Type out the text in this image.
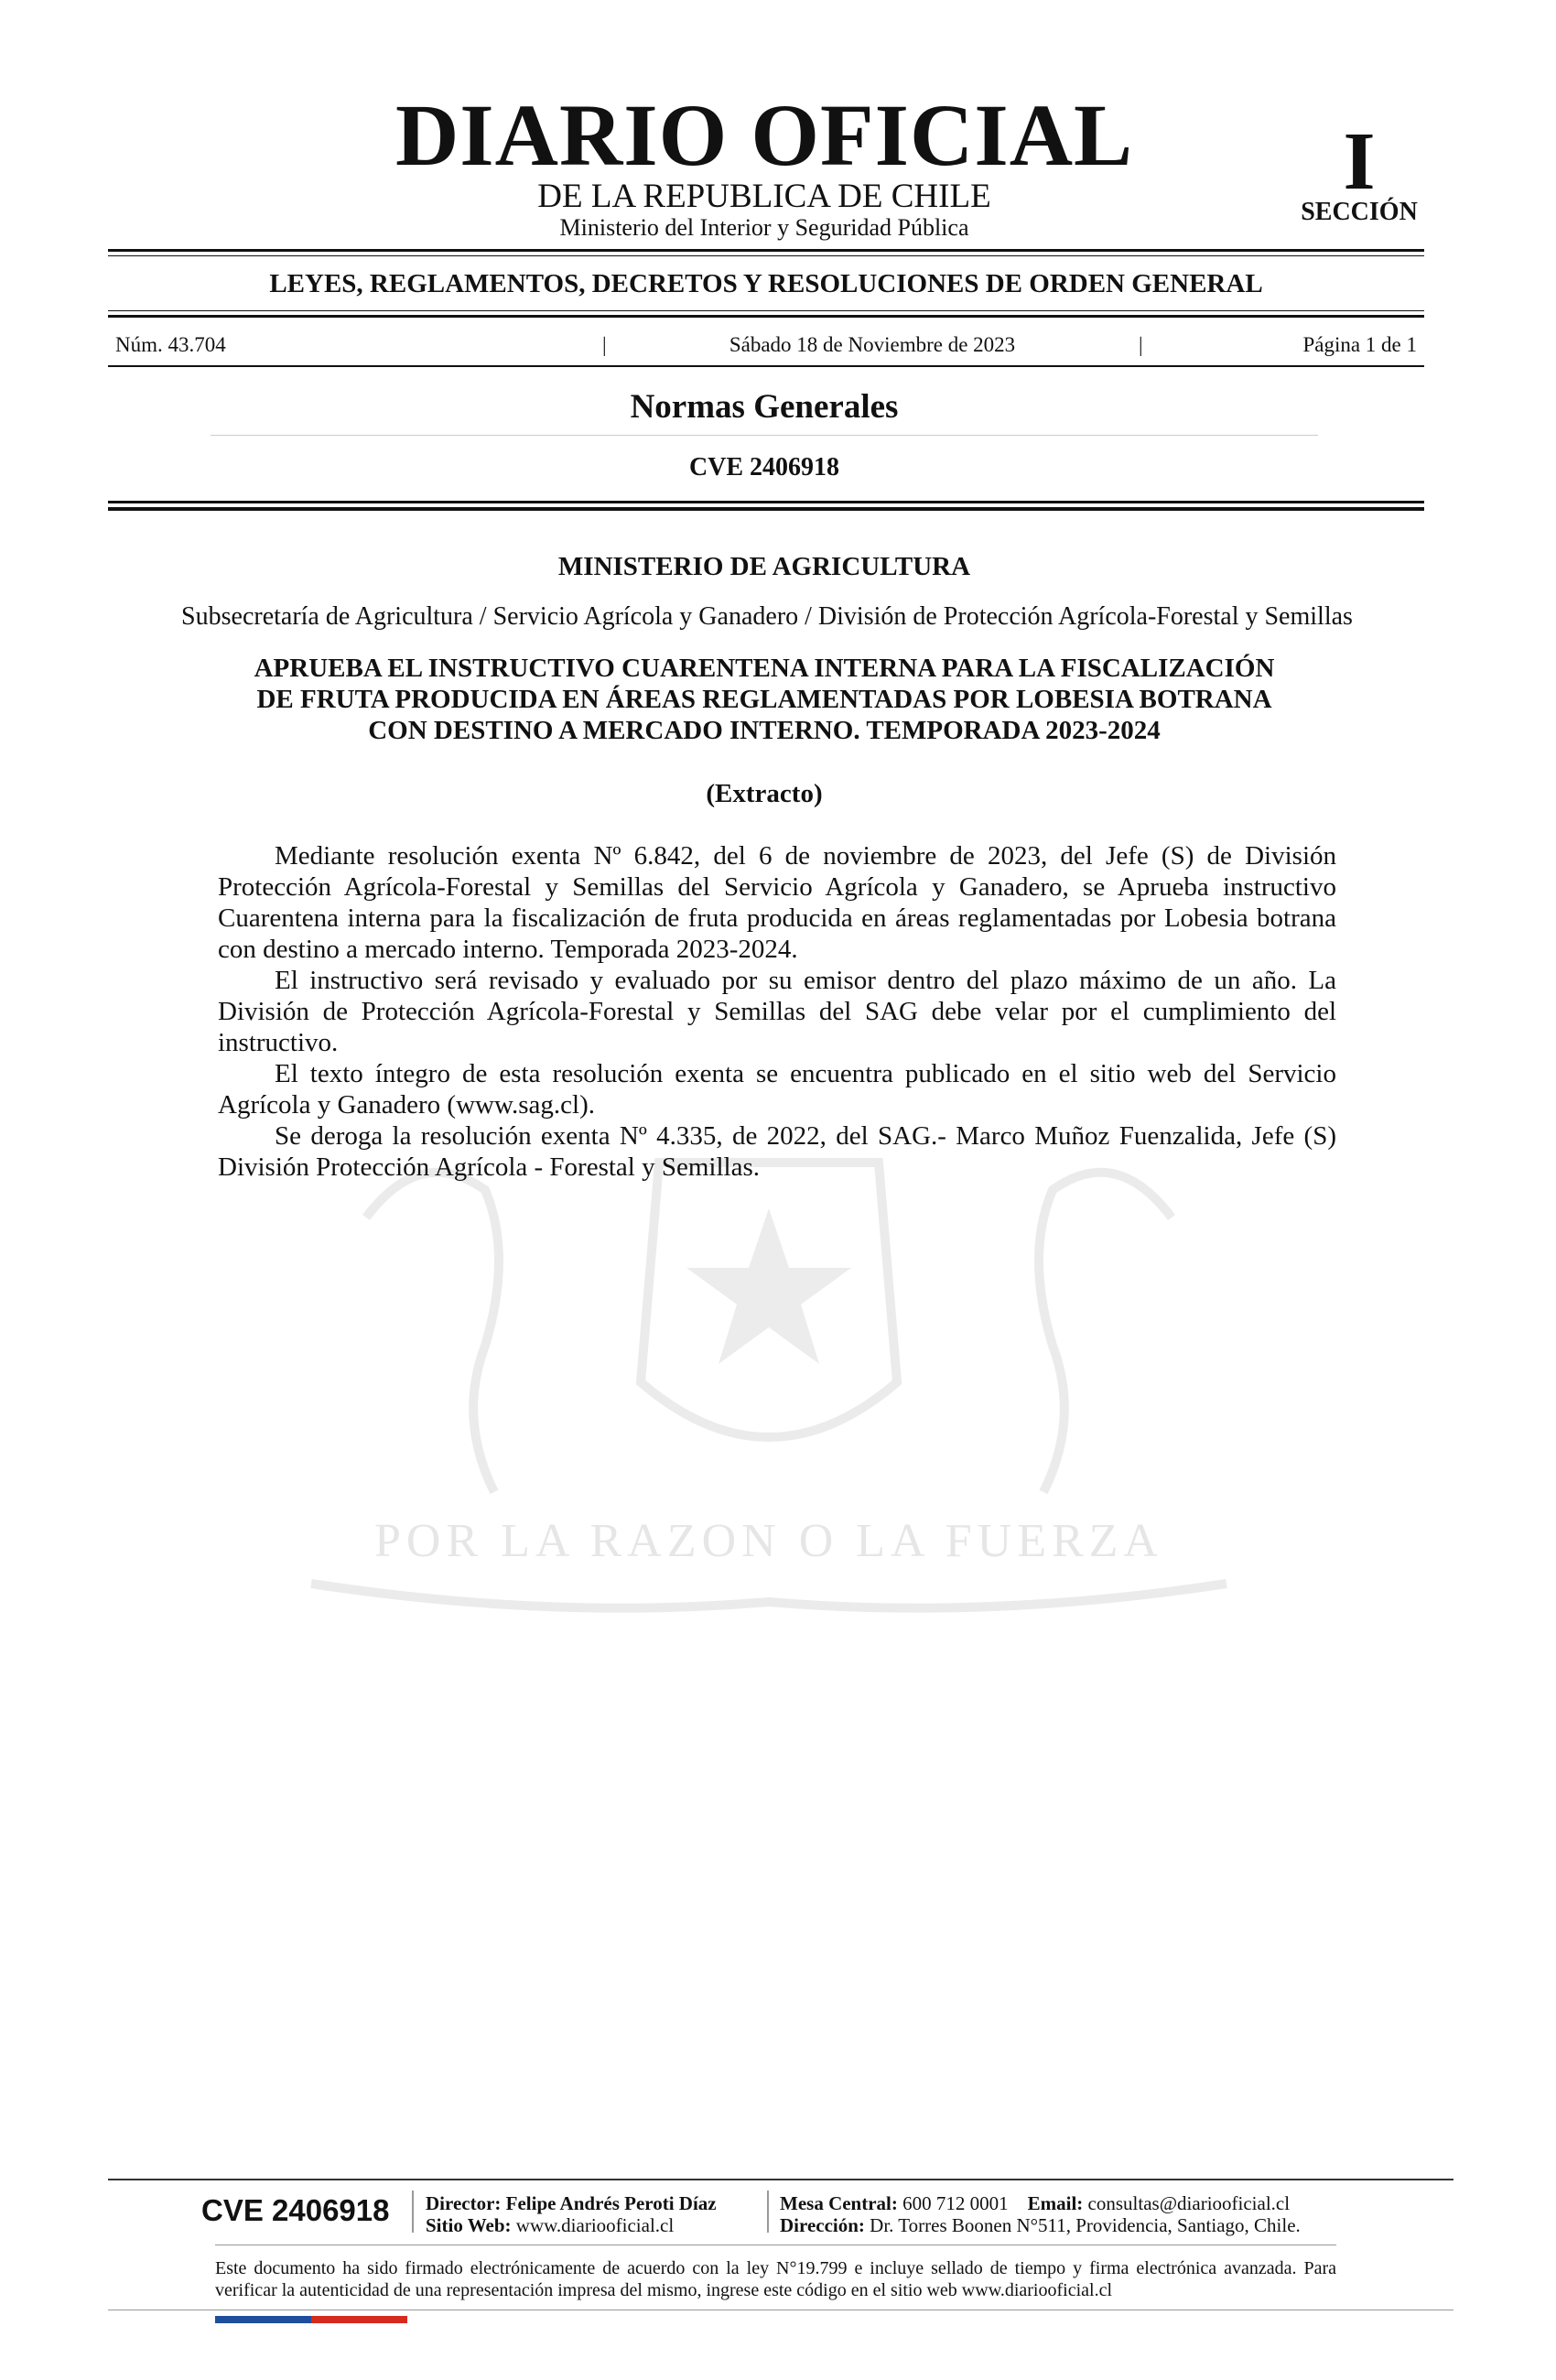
POR LA RAZON O LA FUERZA
DIARIO OFICIAL
DE LA REPUBLICA DE CHILE
Ministerio del Interior y Seguridad Pública
I
SECCIÓN
LEYES, REGLAMENTOS, DECRETOS Y RESOLUCIONES DE ORDEN GENERAL
Núm. 43.704	|	Sábado 18 de Noviembre de 2023	|	Página 1 de 1
Normas Generales
CVE 2406918
MINISTERIO DE AGRICULTURA
Subsecretaría de Agricultura / Servicio Agrícola y Ganadero / División de Protección Agrícola-Forestal y Semillas
APRUEBA EL INSTRUCTIVO CUARENTENA INTERNA PARA LA FISCALIZACIÓN
DE FRUTA PRODUCIDA EN ÁREAS REGLAMENTADAS POR LOBESIA BOTRANA
CON DESTINO A MERCADO INTERNO. TEMPORADA 2023-2024
(Extracto)

Mediante resolución exenta Nº 6.842, del 6 de noviembre de 2023, del Jefe (S) de División Protección Agrícola-Forestal y Semillas del Servicio Agrícola y Ganadero, se Aprueba instructivo Cuarentena interna para la fiscalización de fruta producida en áreas reglamentadas por Lobesia botrana con destino a mercado interno. Temporada 2023-2024.

El instructivo será revisado y evaluado por su emisor dentro del plazo máximo de un año. La División de Protección Agrícola-Forestal y Semillas del SAG debe velar por el cumplimiento del instructivo.

El texto íntegro de esta resolución exenta se encuentra publicado en el sitio web del Servicio Agrícola y Ganadero (www.sag.cl).

Se deroga la resolución exenta Nº 4.335, de 2022, del SAG.- Marco Muñoz Fuenzalida, Jefe (S) División Protección Agrícola - Forestal y Semillas.

CVE 2406918	Director: Felipe Andrés Peroti Díaz
Sitio Web: www.diariooficial.cl
Mesa Central: 600 712 0001 Email: consultas@diariooficial.cl
Dirección: Dr. Torres Boonen N°511, Providencia, Santiago, Chile.
Este documento ha sido firmado electrónicamente de acuerdo con la ley N°19.799 e incluye sellado de tiempo y firma electrónica avanzada. Para verificar la autenticidad de una representación impresa del mismo, ingrese este código en el sitio web www.diariooficial.cl
